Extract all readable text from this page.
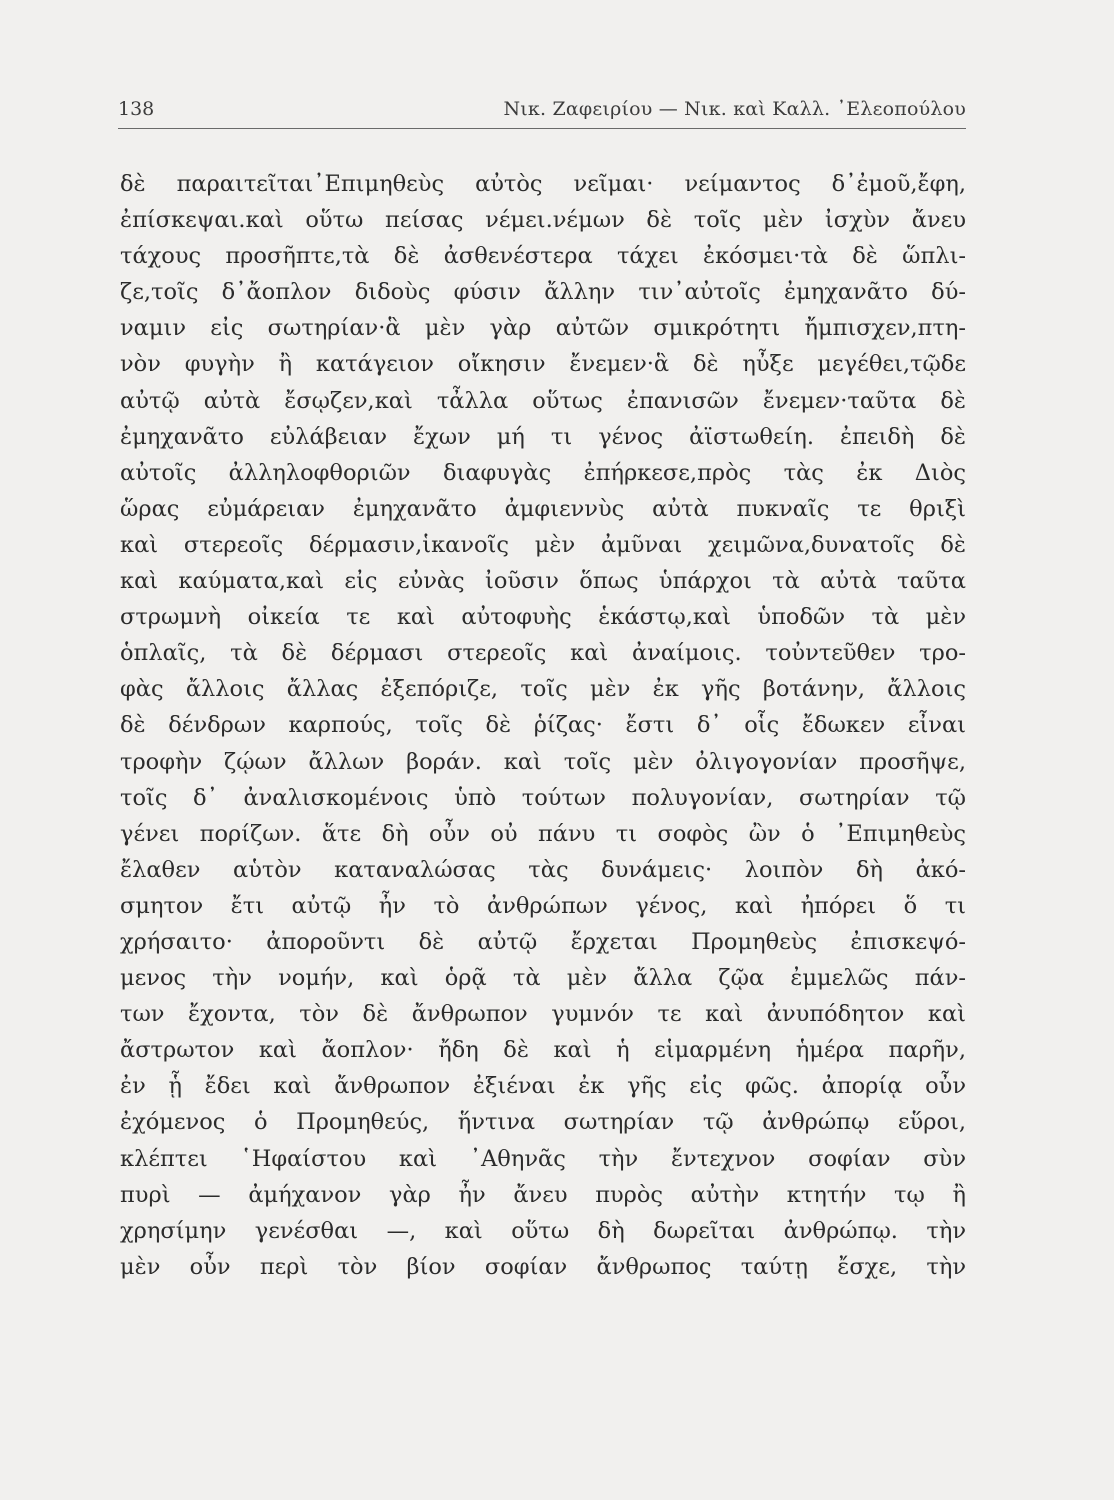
138	Νικ. Ζαφειρίου — Νικ. καὶ Καλλ. ᾿Ελεοπούλου
δὲ παραιτεῖται᾿Επιμηθεὺς αὐτὸς νεῖμαι· νείμαντος δ᾿ἐμοῦ,ἔφη,
ἐπίσκεψαι.καὶ οὕτω πείσας νέμει.νέμων δὲ τοῖς μὲν ἰσχὺν ἄνευ
τάχους προσῆπτε,τὰ δὲ ἀσθενέστερα τάχει ἐκόσμει·τὰ δὲ ὥπλι-
ζε,τοῖς δ᾿ἄοπλον διδοὺς φύσιν ἄλλην τιν᾿αὐτοῖς ἐμηχανᾶτο δύ-
ναμιν εἰς σωτηρίαν·ἃ μὲν γὰρ αὐτῶν σμικρότητι ἤμπισχεν,πτη-
νὸν φυγὴν ἢ κατάγειον οἴκησιν ἔνεμεν·ἃ δὲ ηὖξε μεγέθει,τῷδε
αὐτῷ αὐτὰ ἔσῳζεν,καὶ τἆλλα οὕτως ἐπανισῶν ἔνεμεν·ταῦτα δὲ
ἐμηχανᾶτο εὐλάβειαν ἔχων μή τι γένος ἀϊστωθείη. ἐπειδὴ δὲ
αὐτοῖς ἀλληλοφθοριῶν διαφυγὰς ἐπήρκεσε,πρὸς τὰς ἐκ Διὸς
ὥρας εὐμάρειαν ἐμηχανᾶτο ἀμφιεννὺς αὐτὰ πυκναῖς τε θριξὶ
καὶ στερεοῖς δέρμασιν,ἱκανοῖς μὲν ἀμῦναι χειμῶνα,δυνατοῖς δὲ
καὶ καύματα,καὶ εἰς εὐνὰς ἰοῦσιν ὅπως ὑπάρχοι τὰ αὐτὰ ταῦτα
στρωμνὴ οἰκεία τε καὶ αὐτοφυὴς ἑκάστῳ,καὶ ὑποδῶν τὰ μὲν
ὁπλαῖς, τὰ δὲ δέρμασι στερεοῖς καὶ ἀναίμοις. τοὐντεῦθεν τρο-
φὰς ἄλλοις ἄλλας ἐξεπόριζε, τοῖς μὲν ἐκ γῆς βοτάνην, ἄλλοις
δὲ δένδρων καρπούς, τοῖς δὲ ῥίζας· ἔστι δ᾿ οἷς ἔδωκεν εἶναι
τροφὴν ζῴων ἄλλων βοράν. καὶ τοῖς μὲν ὀλιγογονίαν προσῆψε,
τοῖς δ᾿ ἀναλισκομένοις ὑπὸ τούτων πολυγονίαν, σωτηρίαν τῷ
γένει πορίζων. ἅτε δὴ οὖν οὐ πάνυ τι σοφὸς ὢν ὁ ᾿Επιμηθεὺς
ἔλαθεν αὑτὸν καταναλώσας τὰς δυνάμεις· λοιπὸν δὴ ἀκό-
σμητον ἔτι αὐτῷ ἦν τὸ ἀνθρώπων γένος, καὶ ἠπόρει ὅ τι
χρήσαιτο· ἀποροῦντι δὲ αὐτῷ ἔρχεται Προμηθεὺς ἐπισκεψό-
μενος τὴν νομήν, καὶ ὁρᾷ τὰ μὲν ἄλλα ζῷα ἐμμελῶς πάν-
των ἔχοντα, τὸν δὲ ἄνθρωπον γυμνόν τε καὶ ἀνυπόδητον καὶ
ἄστρωτον καὶ ἄοπλον· ἤδη δὲ καὶ ἡ εἱμαρμένη ἡμέρα παρῆν,
ἐν ᾗ ἔδει καὶ ἄνθρωπον ἐξιέναι ἐκ γῆς εἰς φῶς. ἀπορίᾳ οὖν
ἐχόμενος ὁ Προμηθεύς, ἥντινα σωτηρίαν τῷ ἀνθρώπῳ εὕροι,
κλέπτει ῾Ηφαίστου καὶ ᾿Αθηνᾶς τὴν ἔντεχνον σοφίαν σὺν
πυρὶ — ἀμήχανον γὰρ ἦν ἄνευ πυρὸς αὐτὴν κτητήν τῳ ἢ
χρησίμην γενέσθαι —, καὶ οὕτω δὴ δωρεῖται ἀνθρώπῳ. τὴν
μὲν οὖν περὶ τὸν βίον σοφίαν ἄνθρωπος ταύτῃ ἔσχε, τὴν
